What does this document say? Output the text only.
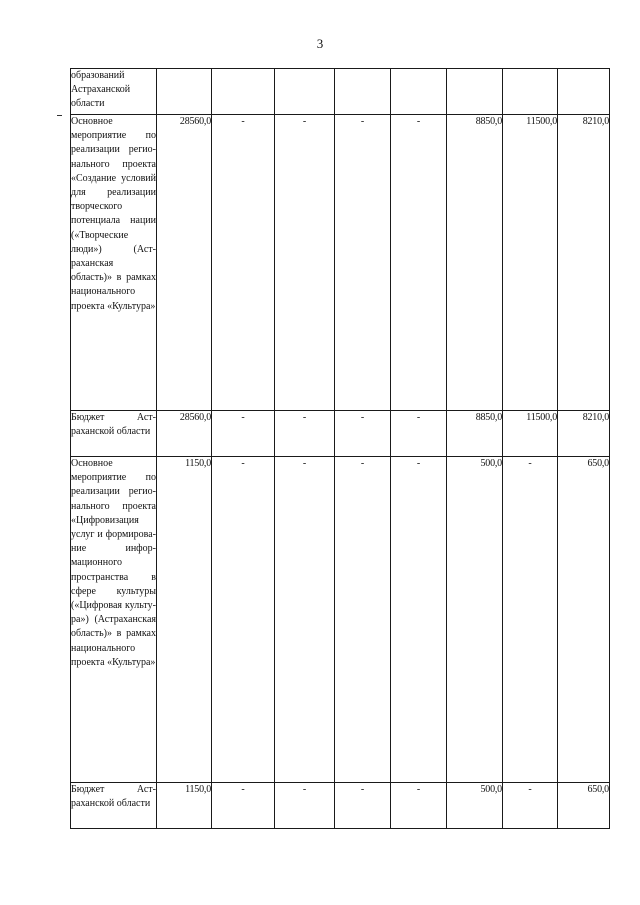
3
образований Астраханской области								
Основное мероприятие по реализации регионального проекта «Создание условий для реализации творческого потенциала нации («Творческие люди») (Астраханская область)» в рамках национального проекта «Культура»	28560,0	-	-	-	-	8850,0	11500,0	8210,0
Бюджет Астраханской области	28560,0	-	-	-	-	8850,0	11500,0	8210,0
Основное мероприятие по реализации регионального проекта «Цифровизация услуг и формирование информационного пространства в сфере культуры («Цифровая культура») (Астраханская область)» в рамках национального проекта «Культура»	1150,0	-	-	-	-	500,0	-	650,0
Бюджет Астраханской области	1150,0	-	-	-	-	500,0	-	650,0
